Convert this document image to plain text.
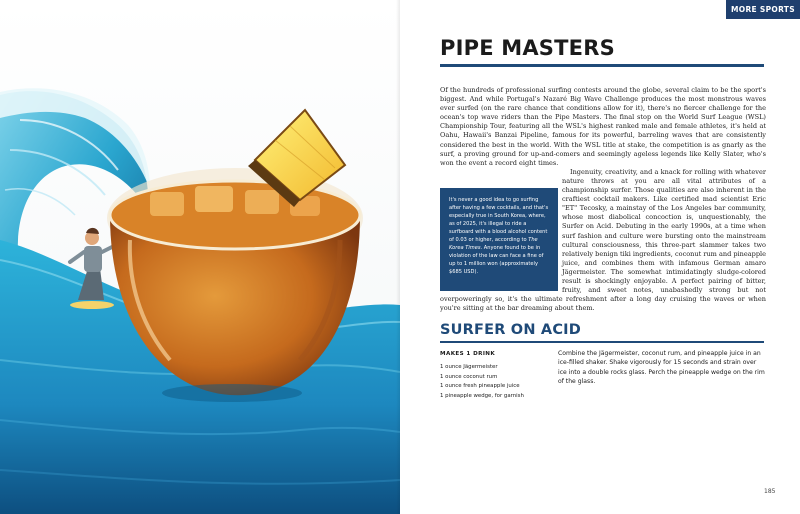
MORE SPORTS
PIPE MASTERS

Of the hundreds of professional surfing contests around the globe, several claim to be the sport's biggest. And while Portugal's Nazaré Big Wave Challenge produces the most monstrous waves ever surfed (on the rare chance that conditions allow for it), there's no fiercer challenge for the ocean's top wave riders than the Pipe Masters. The final stop on the World Surf League (WSL) Championship Tour, featuring all the WSL's highest ranked male and female athletes, it's held at Oahu, Hawaii's Banzai Pipeline, famous for its powerful, barreling waves that are consistently considered the best in the world. With the WSL title at stake, the competition is as gnarly as the surf, a proving ground for up-and-comers and seemingly ageless legends like Kelly Slater, who's won the event a record eight times.

Ingenuity, creativity, and a knack for rolling with whatever nature throws at you are all vital attributes of a championship surfer. Those qualities are also inherent in the craftiest cocktail makers. Like certified mad scientist Eric "ET" Tecosky, a mainstay of the Los Angeles bar community, whose most diabolical concoction is, unquestionably, the Surfer on Acid. Debuting in the early 1990s, at a time when surf fashion and culture were bursting onto the mainstream cultural consciousness, this three-part slammer takes two relatively benign tiki ingredients, coconut rum and pineapple juice, and combines them with infamous German amaro Jägermeister. The somewhat intimidatingly sludge-colored result is shockingly enjoyable. A perfect pairing of bitter, fruity, and sweet notes, unabashedly strong but not overpoweringly so, it's the ultimate refreshment after a long day cruising the waves or when you're sitting at the bar dreaming about them.

It's never a good idea to go surfing after having a few cocktails, and that's especially true in South Korea, where, as of 2025, it's illegal to ride a surfboard with a blood alcohol content of 0.03 or higher, according to The Korea Times. Anyone found to be in violation of the law can face a fine of up to 1 million won (approximately $685 USD).
SURFER ON ACID
MAKES 1 DRINK
1 ounce Jägermeister
1 ounce coconut rum
1 ounce fresh pineapple juice
1 pineapple wedge, for garnish

Combine the Jägermeister, coconut rum, and pineapple juice in an ice-filled shaker. Shake vigorously for 15 seconds and strain over ice into a double rocks glass. Perch the pineapple wedge on the rim of the glass.

185
